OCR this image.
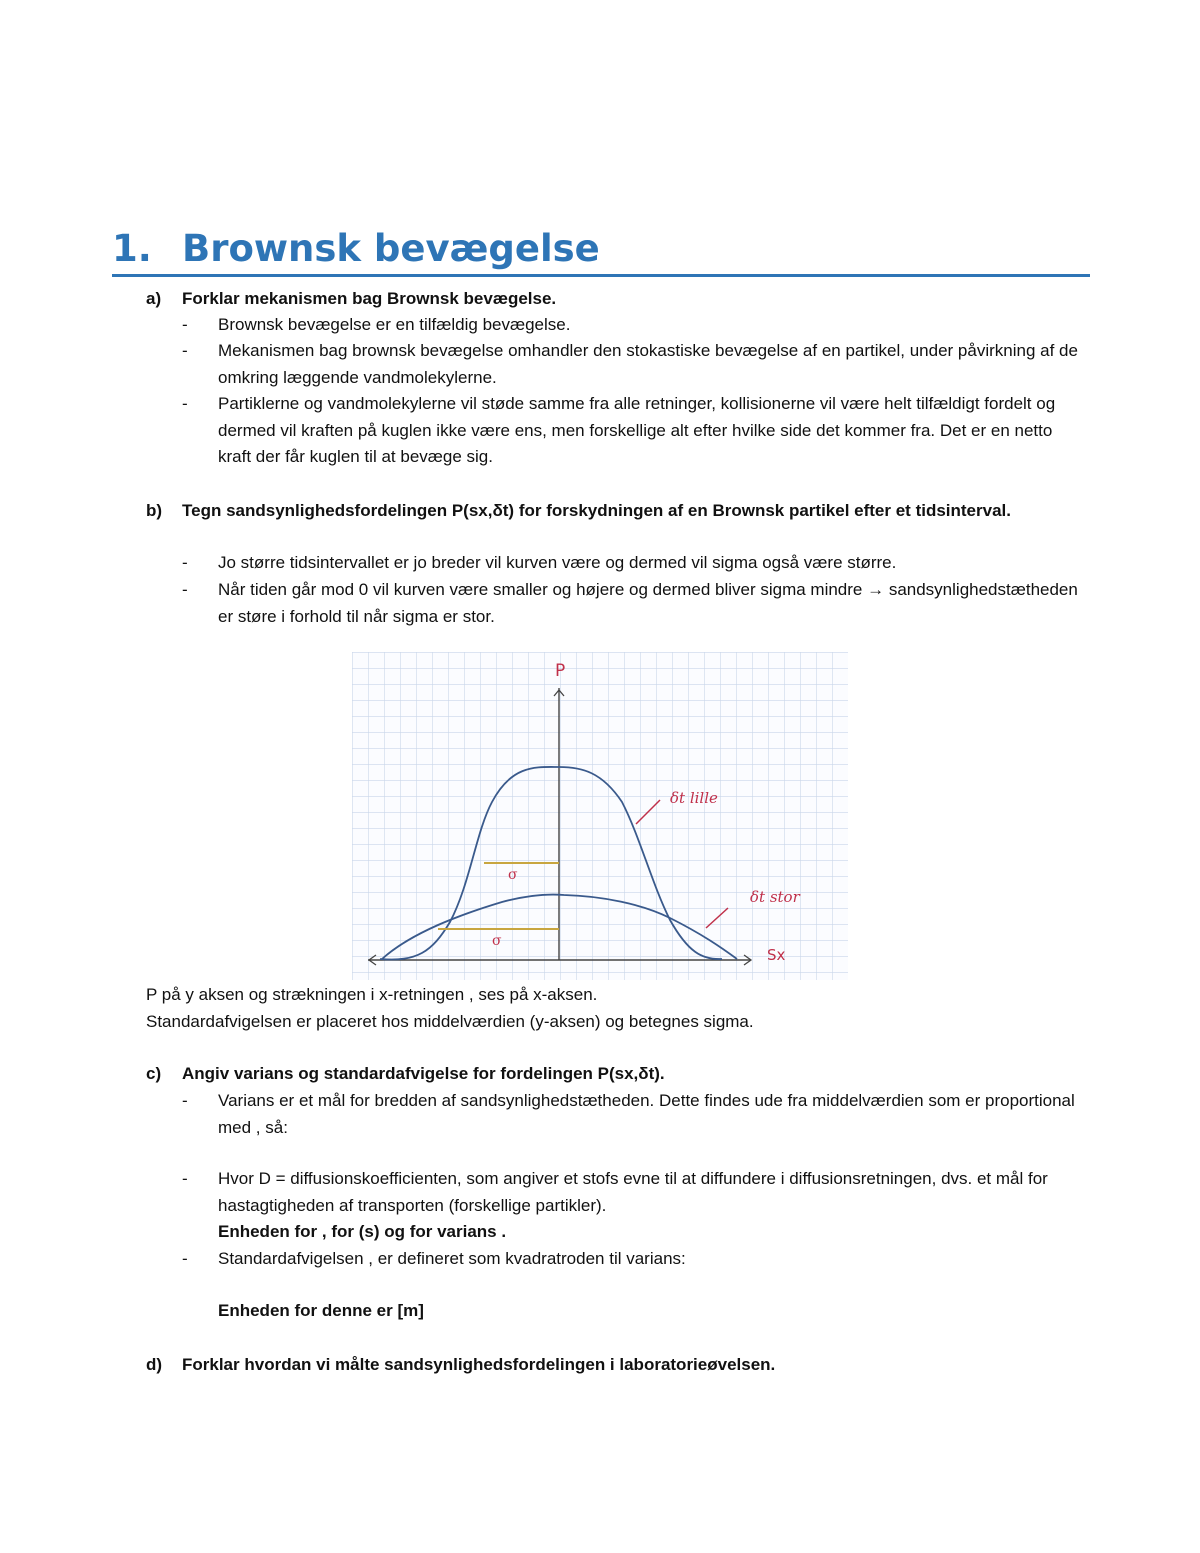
1. Brownsk bevægelse
a) Forklar mekanismen bag Brownsk bevægelse.
- Brownsk bevægelse er en tilfældig bevægelse.
- Mekanismen bag brownsk bevægelse omhandler den stokastiske bevægelse af en partikel, under påvirkning af de omkring læggende vandmolekylerne.
- Partiklerne og vandmolekylerne vil støde samme fra alle retninger, kollisionerne vil være helt tilfældigt fordelt og dermed vil kraften på kuglen ikke være ens, men forskellige alt efter hvilke side det kommer fra. Det er en netto kraft der får kuglen til at bevæge sig.
b) Tegn sandsynlighedsfordelingen P(sx,δt) for forskydningen af en Brownsk partikel efter et tidsinterval.
- Jo større tidsintervallet er jo breder vil kurven være og dermed vil sigma også være større.
- Når tiden går mod 0 vil kurven være smaller og højere og dermed bliver sigma mindre → sandsynlighedstætheden er støre i forhold til når sigma er stor.
σ
σ
P
Sx
δt lille
δt stor
P på y aksen og strækningen i x-retningen , ses på x-aksen.
Standardafvigelsen er placeret hos middelværdien (y-aksen) og betegnes sigma.
c) Angiv varians og standardafvigelse for fordelingen P(sx,δt).
- Varians er et mål for bredden af sandsynlighedstætheden. Dette findes ude fra middelværdien som er proportional med , så:
- Hvor D = diffusionskoefficienten, som angiver et stofs evne til at diffundere i diffusionsretningen, dvs. et mål for hastagtigheden af transporten (forskellige partikler).
Enheden for , for (s) og for varians .
- Standardafvigelsen , er defineret som kvadratroden til varians:
Enheden for denne er [m]
d) Forklar hvordan vi målte sandsynlighedsfordelingen i laboratorieøvelsen.
